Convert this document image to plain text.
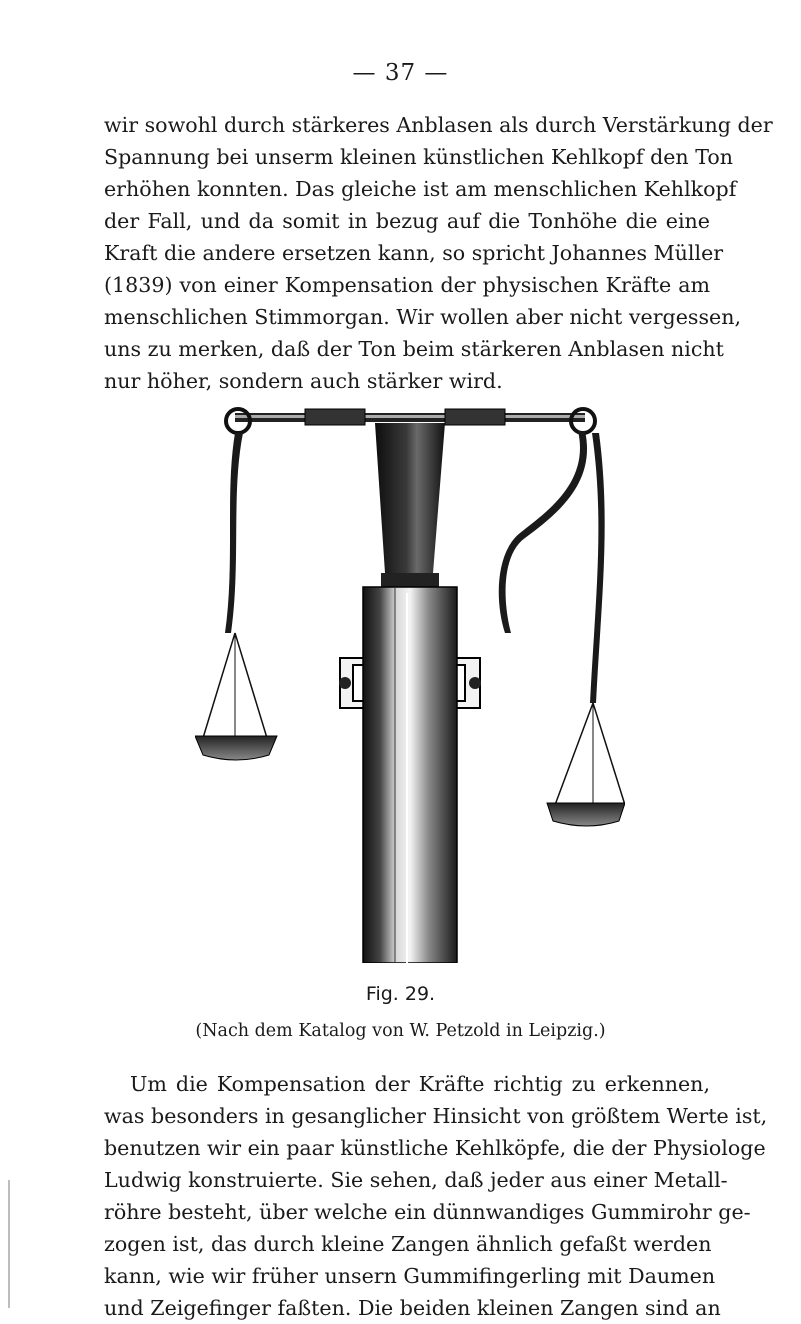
— 37 —

wir sowohl durch stärkeres Anblasen als durch Verstärkung der
Spannung bei unserm kleinen künstlichen Kehlkopf den Ton
erhöhen konnten. Das gleiche ist am menschlichen Kehlkopf
der Fall, und da somit in bezug auf die Tonhöhe die eine
Kraft die andere ersetzen kann, so spricht Johannes Müller
(1839) von einer Kompensation der physischen Kräfte am
menschlichen Stimmorgan. Wir wollen aber nicht vergessen,
uns zu merken, daß der Ton beim stärkeren Anblasen nicht
nur höher, sondern auch stärker wird.

Fig. 29.
(Nach dem Katalog von W. Petzold in Leipzig.)

Um die Kompensation der Kräfte richtig zu erkennen,
was besonders in gesanglicher Hinsicht von größtem Werte ist,
benutzen wir ein paar künstliche Kehlköpfe, die der Physiologe
Ludwig konstruierte. Sie sehen, daß jeder aus einer Metall-
röhre besteht, über welche ein dünnwandiges Gummirohr ge-
zogen ist, das durch kleine Zangen ähnlich gefaßt werden
kann, wie wir früher unsern Gummifingerling mit Daumen
und Zeigefinger faßten. Die beiden kleinen Zangen sind an
